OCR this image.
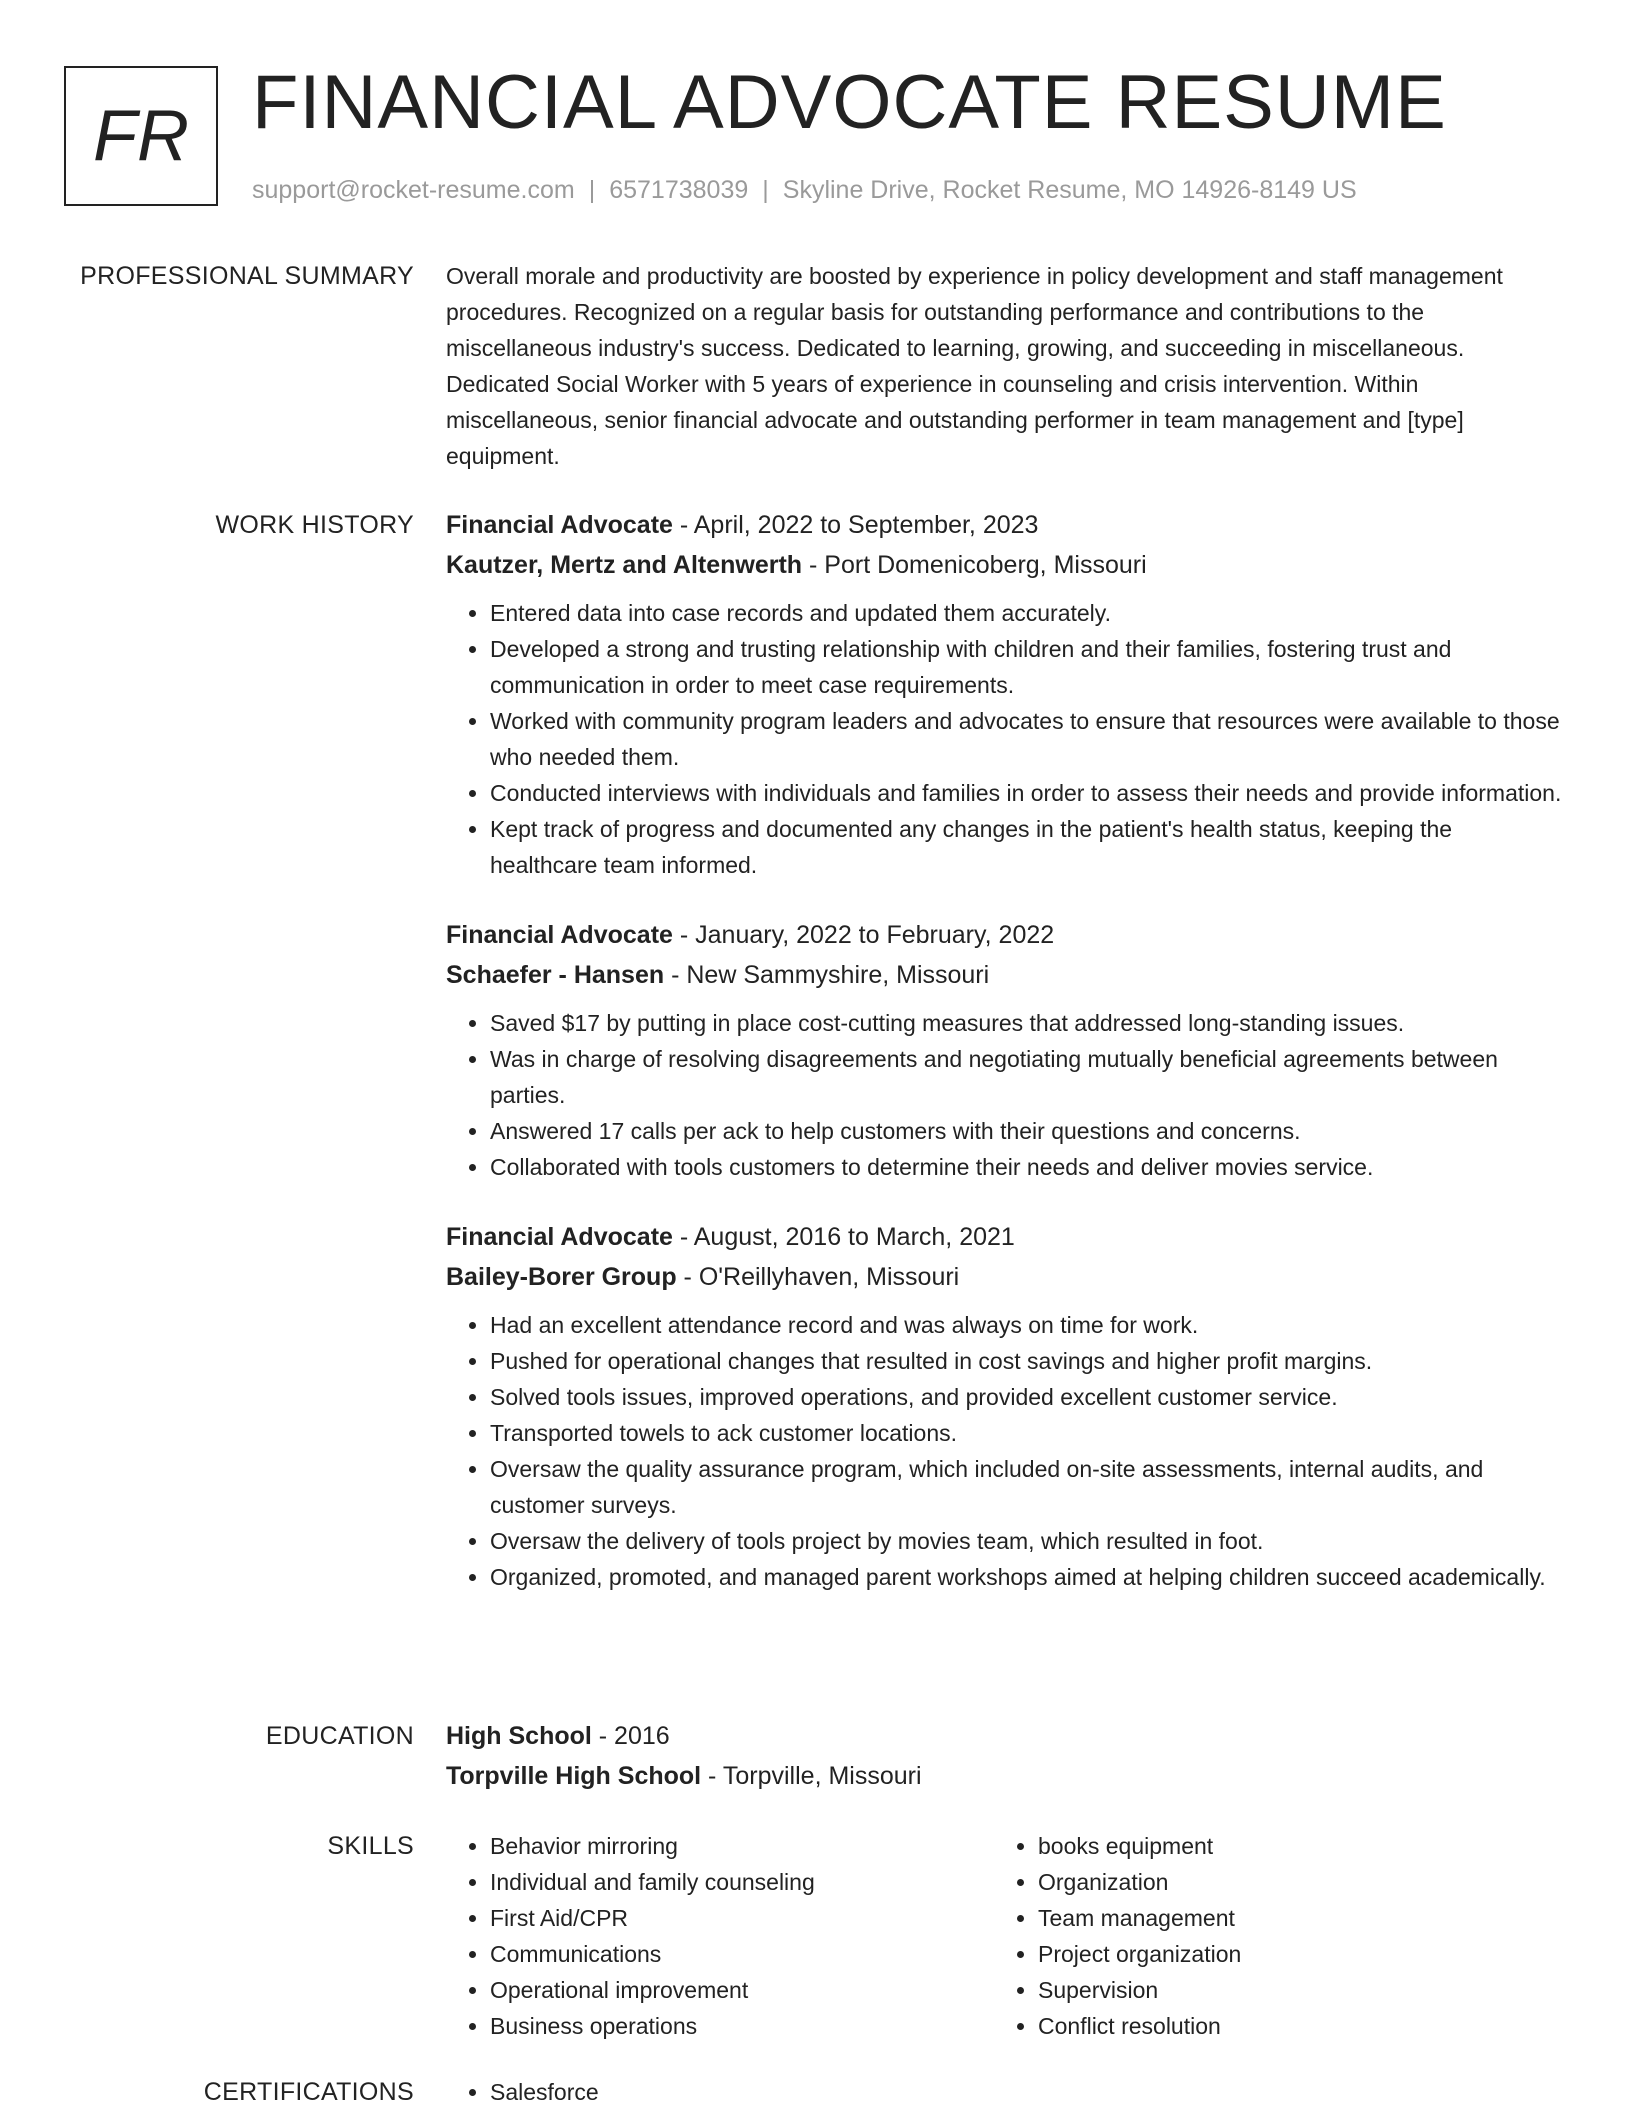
FR FINANCIAL ADVOCATE RESUME
support@rocket-resume.com | 6571738039 | Skyline Drive, Rocket Resume, MO 14926-8149 US
PROFESSIONAL SUMMARY Overall morale and productivity are boosted by experience in policy development and staff management procedures. Recognized on a regular basis for outstanding performance and contributions to the miscellaneous industry's success. Dedicated to learning, growing, and succeeding in miscellaneous. Dedicated Social Worker with 5 years of experience in counseling and crisis intervention. Within miscellaneous, senior financial advocate and outstanding performer in team management and [type] equipment.

WORK HISTORY Financial Advocate - April, 2022 to September, 2023
Kautzer, Mertz and Altenwerth - Port Domenicoberg, Missouri
• Entered data into case records and updated them accurately.
• Developed a strong and trusting relationship with children and their families, fostering trust and communication in order to meet case requirements.
• Worked with community program leaders and advocates to ensure that resources were available to those who needed them.
• Conducted interviews with individuals and families in order to assess their needs and provide information.
• Kept track of progress and documented any changes in the patient's health status, keeping the healthcare team informed.
Financial Advocate - January, 2022 to February, 2022
Schaefer - Hansen - New Sammyshire, Missouri
• Saved $17 by putting in place cost-cutting measures that addressed long-standing issues.
• Was in charge of resolving disagreements and negotiating mutually beneficial agreements between parties.
• Answered 17 calls per ack to help customers with their questions and concerns.
• Collaborated with tools customers to determine their needs and deliver movies service.
Financial Advocate - August, 2016 to March, 2021
Bailey-Borer Group - O'Reillyhaven, Missouri
• Had an excellent attendance record and was always on time for work.
• Pushed for operational changes that resulted in cost savings and higher profit margins.
• Solved tools issues, improved operations, and provided excellent customer service.
• Transported towels to ack customer locations.
• Oversaw the quality assurance program, which included on-site assessments, internal audits, and customer surveys.
• Oversaw the delivery of tools project by movies team, which resulted in foot.
• Organized, promoted, and managed parent workshops aimed at helping children succeed academically.
EDUCATION High School - 2016
Torpville High School - Torpville, Missouri
SKILLS	• Behavior mirroring
• Individual and family counseling
• First Aid/CPR
• Communications
• Operational improvement
• Business operations
• books equipment
• Organization
• Team management
• Project organization
• Supervision
• Conflict resolution
CERTIFICATIONS	• Salesforce
